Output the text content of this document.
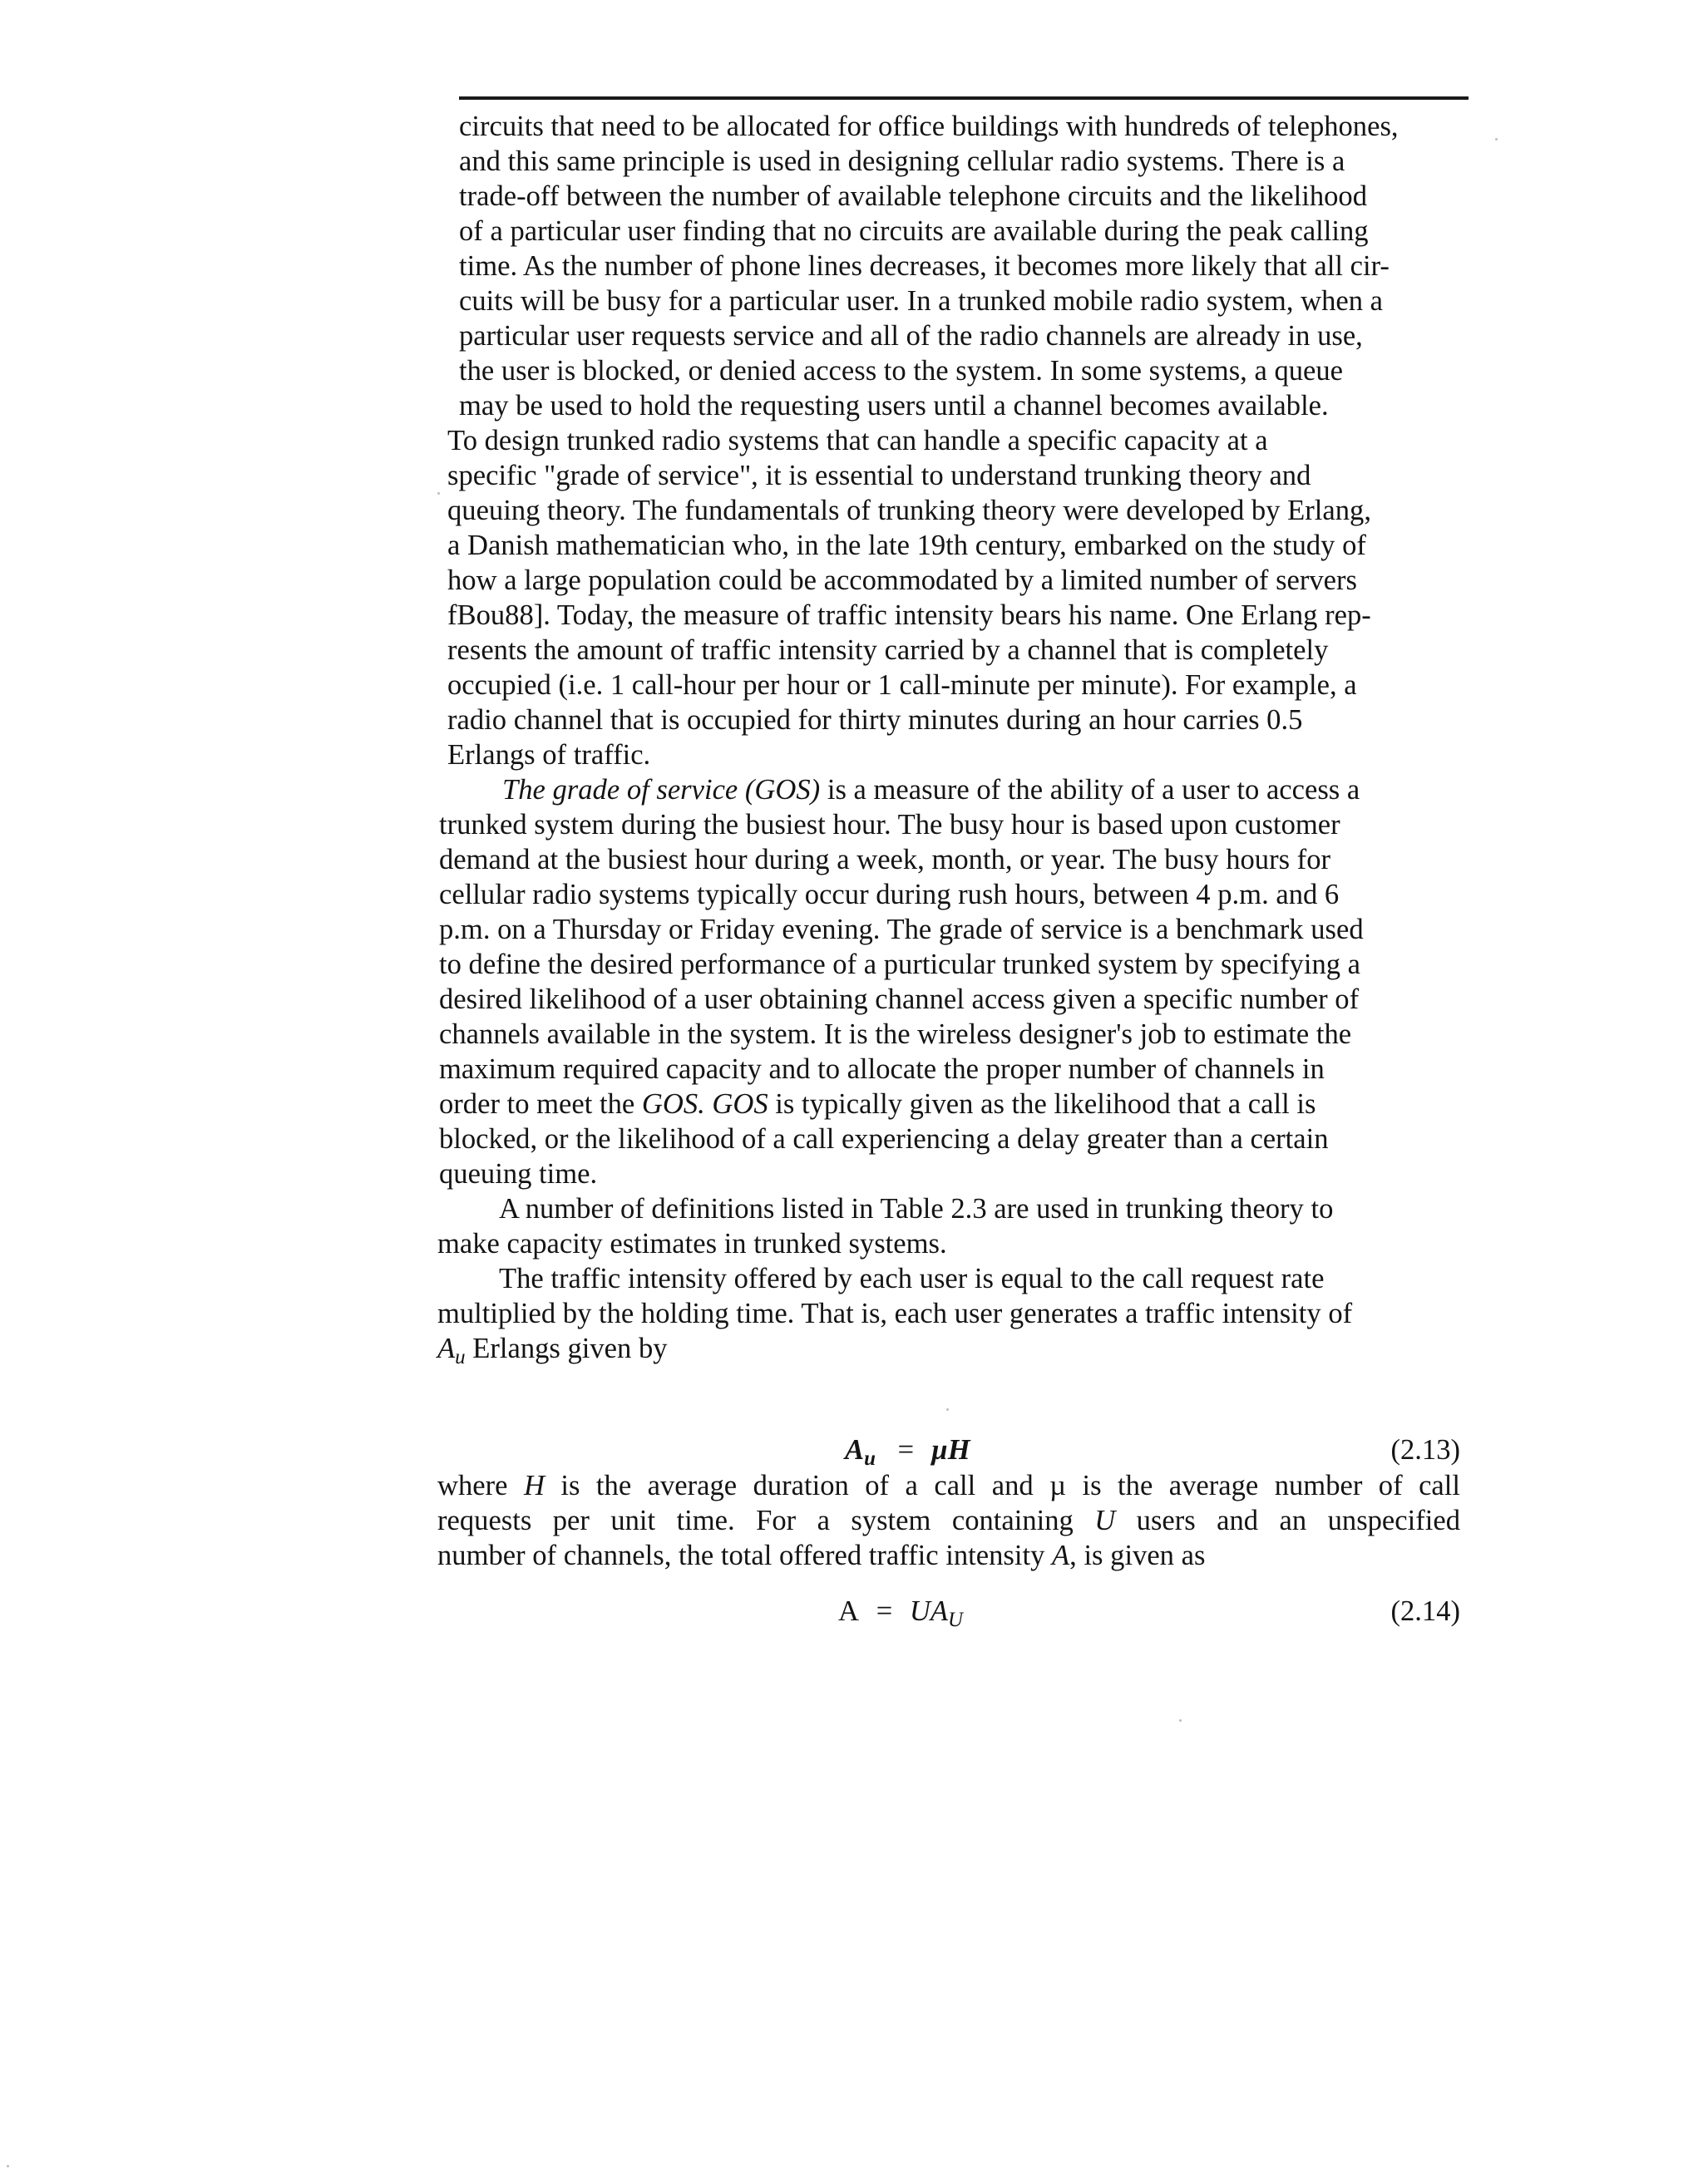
circuits that need to be allocated for office buildings with hundreds of telephones,
and this same principle is used in designing cellular radio systems. There is a
trade-off between the number of available telephone circuits and the likelihood
of a particular user finding that no circuits are available during the peak calling
time. As the number of phone lines decreases, it becomes more likely that all cir-
cuits will be busy for a particular user. In a trunked mobile radio system, when a
particular user requests service and all of the radio channels are already in use,
the user is blocked, or denied access to the system. In some systems, a queue
may be used to hold the requesting users until a channel becomes available.
To design trunked radio systems that can handle a specific capacity at a
specific "grade of service", it is essential to understand trunking theory and
queuing theory. The fundamentals of trunking theory were developed by Erlang,
a Danish mathematician who, in the late 19th century, embarked on the study of
how a large population could be accommodated by a limited number of servers
fBou88]. Today, the measure of traffic intensity bears his name. One Erlang rep-
resents the amount of traffic intensity carried by a channel that is completely
occupied (i.e. 1 call-hour per hour or 1 call-minute per minute). For example, a
radio channel that is occupied for thirty minutes during an hour carries 0.5
Erlangs of traffic.
The grade of service (GOS) is a measure of the ability of a user to access a
trunked system during the busiest hour. The busy hour is based upon customer
demand at the busiest hour during a week, month, or year. The busy hours for
cellular radio systems typically occur during rush hours, between 4 p.m. and 6
p.m. on a Thursday or Friday evening. The grade of service is a benchmark used
to define the desired performance of a purticular trunked system by specifying a
desired likelihood of a user obtaining channel access given a specific number of
channels available in the system. It is the wireless designer's job to estimate the
maximum required capacity and to allocate the proper number of channels in
order to meet the GOS. GOS is typically given as the likelihood that a call is
blocked, or the likelihood of a call experiencing a delay greater than a certain
queuing time.
A number of definitions listed in Table 2.3 are used in trunking theory to
make capacity estimates in trunked systems.
The traffic intensity offered by each user is equal to the call request rate
multiplied by the holding time. That is, each user generates a traffic intensity of
$A_u$ Erlangs given by
$A_u = \mu H$	(2.13)
where H is the average duration of a call and µ is the average number of call
requests per unit time. For a system containing U users and an unspecified
number of channels, the total offered traffic intensity A, is given as
$A = UA_U$	(2.14)
